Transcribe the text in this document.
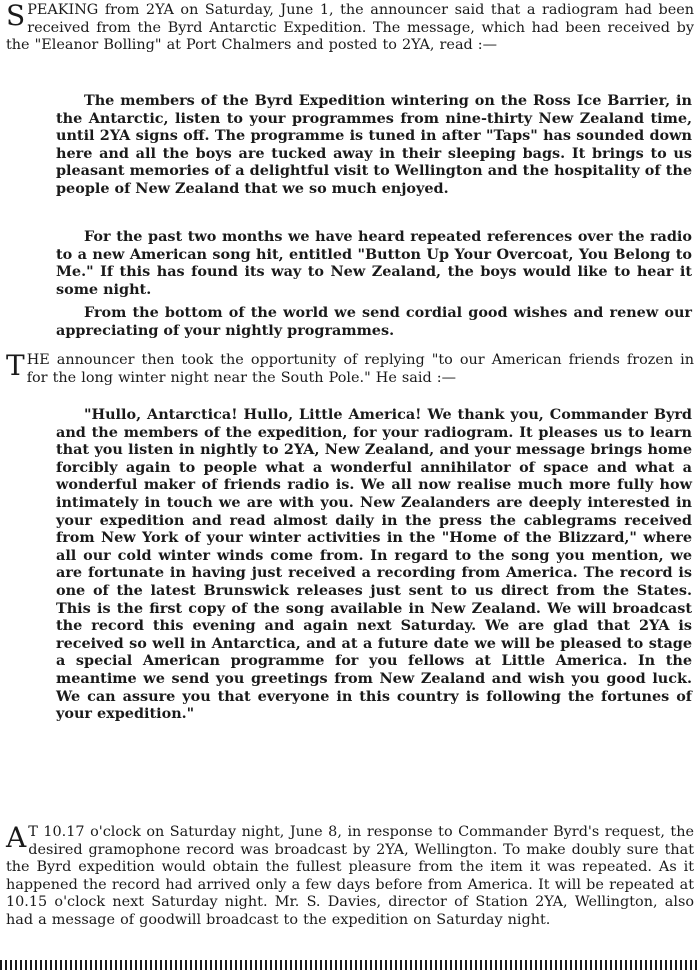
SPEAKING from 2YA on Saturday, June 1, the announcer said that a radiogram had been received from the Byrd Antarctic Expedition. The message, which had been received by the "Eleanor Bolling" at Port Chalmers and posted to 2YA, read :—

The members of the Byrd Expedition wintering on the Ross Ice Barrier, in the Antarctic, listen to your programmes from nine-thirty New Zealand time, until 2YA signs off. The programme is tuned in after "Taps" has sounded down here and all the boys are tucked away in their sleeping bags. It brings to us pleasant memories of a delightful visit to Wellington and the hospitality of the people of New Zealand that we so much enjoyed.

For the past two months we have heard repeated references over the radio to a new American song hit, entitled "Button Up Your Overcoat, You Belong to Me." If this has found its way to New Zealand, the boys would like to hear it some night.

From the bottom of the world we send cordial good wishes and renew our appreciating of your nightly programmes.

THE announcer then took the opportunity of replying "to our American friends frozen in for the long winter night near the South Pole." He said :—

"Hullo, Antarctica! Hullo, Little America! We thank you, Commander Byrd and the members of the expedition, for your radiogram. It pleases us to learn that you listen in nightly to 2YA, New Zealand, and your message brings home forcibly again to people what a wonderful annihilator of space and what a wonderful maker of friends radio is. We all now realise much more fully how intimately in touch we are with you. New Zealanders are deeply interested in your expedition and read almost daily in the press the cablegrams received from New York of your winter activities in the "Home of the Blizzard," where all our cold winter winds come from. In regard to the song you mention, we are fortunate in having just received a recording from America. The record is one of the latest Brunswick releases just sent to us direct from the States. This is the first copy of the song available in New Zealand. We will broadcast the record this evening and again next Saturday. We are glad that 2YA is received so well in Antarctica, and at a future date we will be pleased to stage a special American programme for you fellows at Little America. In the meantime we send you greetings from New Zealand and wish you good luck. We can assure you that everyone in this country is following the fortunes of your expedition."

A T 10.17 o'clock on Saturday night, June 8, in response to Commander Byrd's request, the desired gramophone record was broadcast by 2YA, Wellington. To make doubly sure that the Byrd expedition would obtain the fullest pleasure from the item it was repeated. As it happened the record had arrived only a few days before from America. It will be repeated at 10.15 o'clock next Saturday night. Mr. S. Davies, director of Station 2YA, Wellington, also had a message of goodwill broadcast to the expedition on Saturday night.
